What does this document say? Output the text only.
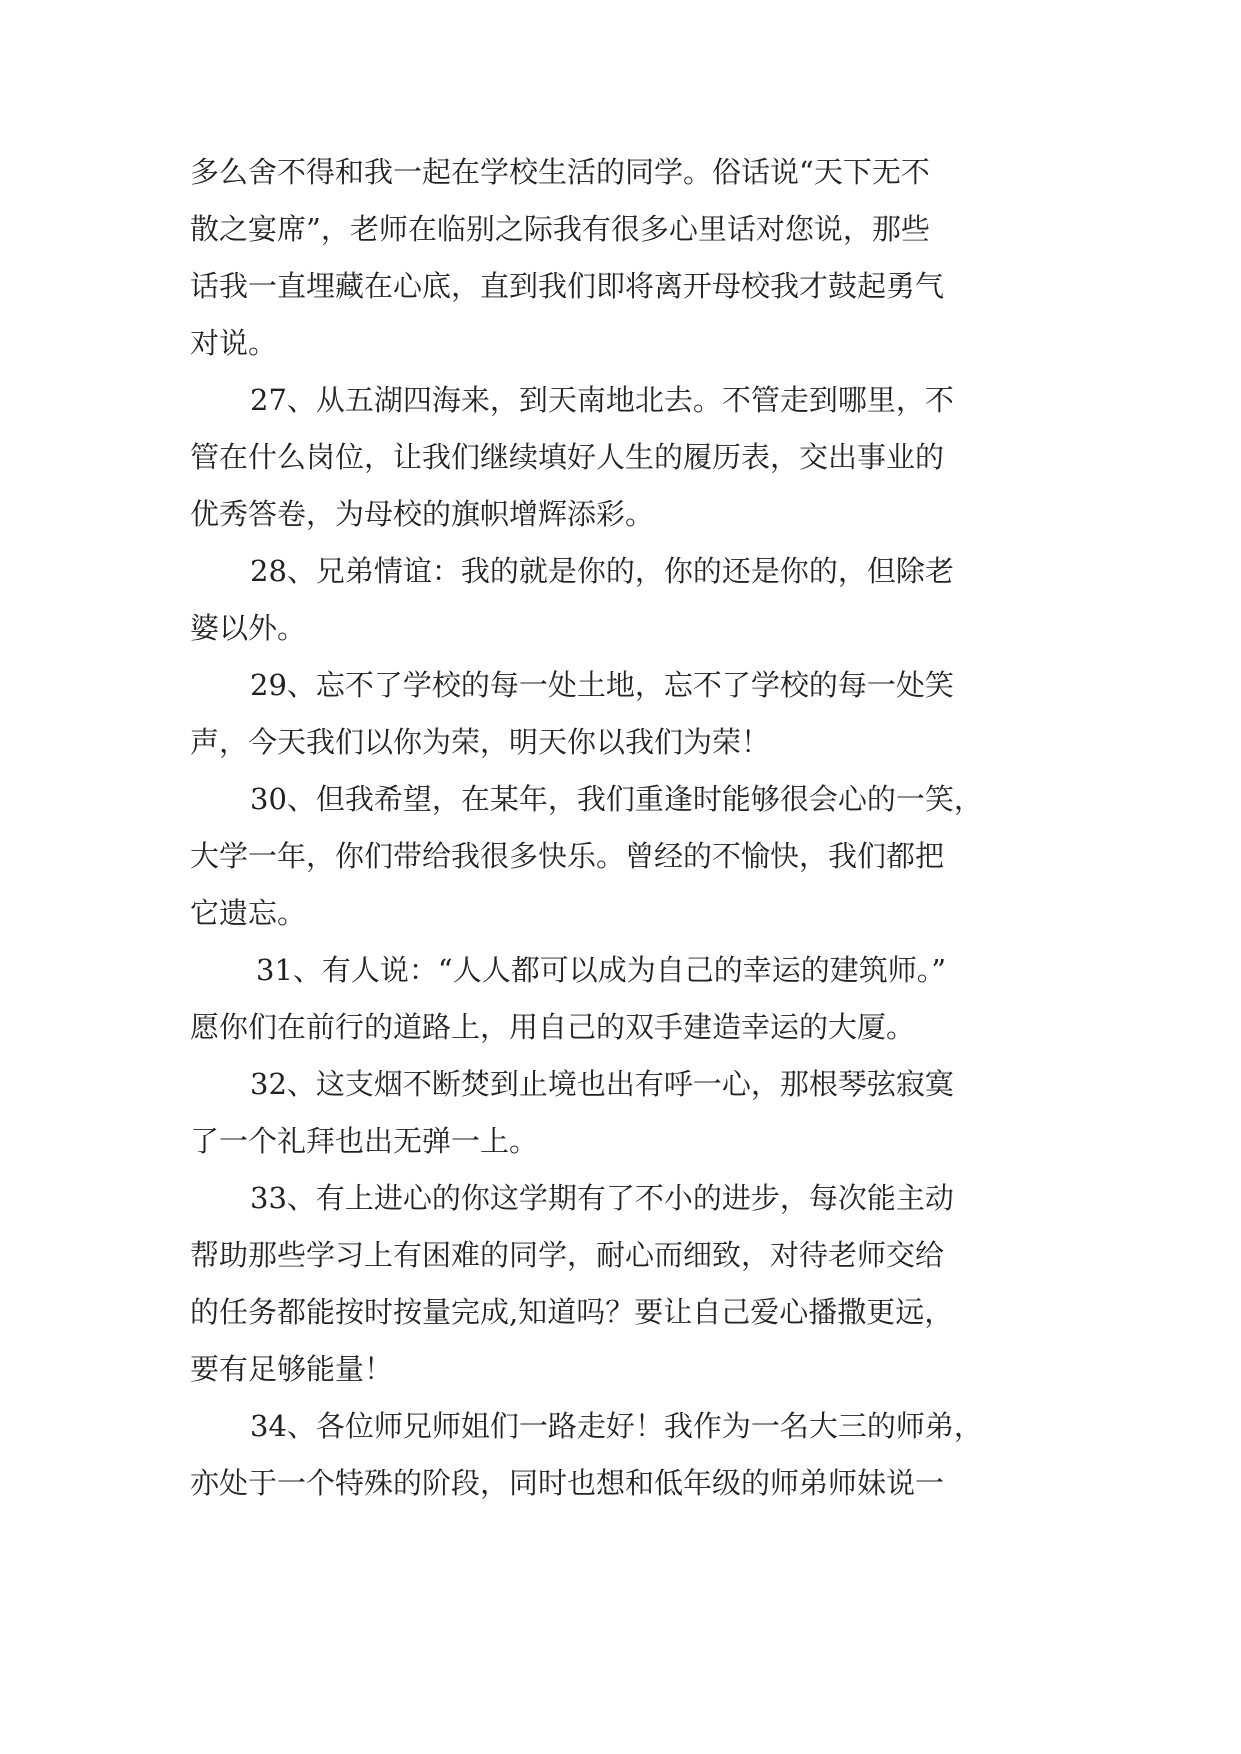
多么舍不得和我一起在学校生活的同学。俗话说“天下无不
散之宴席”，老师在临别之际我有很多心里话对您说，那些
话我一直埋藏在心底，直到我们即将离开母校我才鼓起勇气
对说。
27、从五湖四海来，到天南地北去。不管走到哪里，不
管在什么岗位，让我们继续填好人生的履历表，交出事业的
优秀答卷，为母校的旗帜增辉添彩。
28、兄弟情谊：我的就是你的，你的还是你的，但除老
婆以外。
29、忘不了学校的每一处土地，忘不了学校的每一处笑
声，今天我们以你为荣，明天你以我们为荣！
30、但我希望，在某年，我们重逢时能够很会心的一笑，
大学一年，你们带给我很多快乐。曾经的不愉快，我们都把
它遗忘。
31、有人说：“人人都可以成为自己的幸运的建筑师。”
愿你们在前行的道路上，用自己的双手建造幸运的大厦。
32、这支烟不断焚到止境也出有呼一心，那根琴弦寂寞
了一个礼拜也出无弹一上。
33、有上进心的你这学期有了不小的进步，每次能主动
帮助那些学习上有困难的同学，耐心而细致，对待老师交给
的任务都能按时按量完成,知道吗？要让自己爱心播撒更远，
要有足够能量！
34、各位师兄师姐们一路走好！我作为一名大三的师弟，
亦处于一个特殊的阶段，同时也想和低年级的师弟师妹说一
